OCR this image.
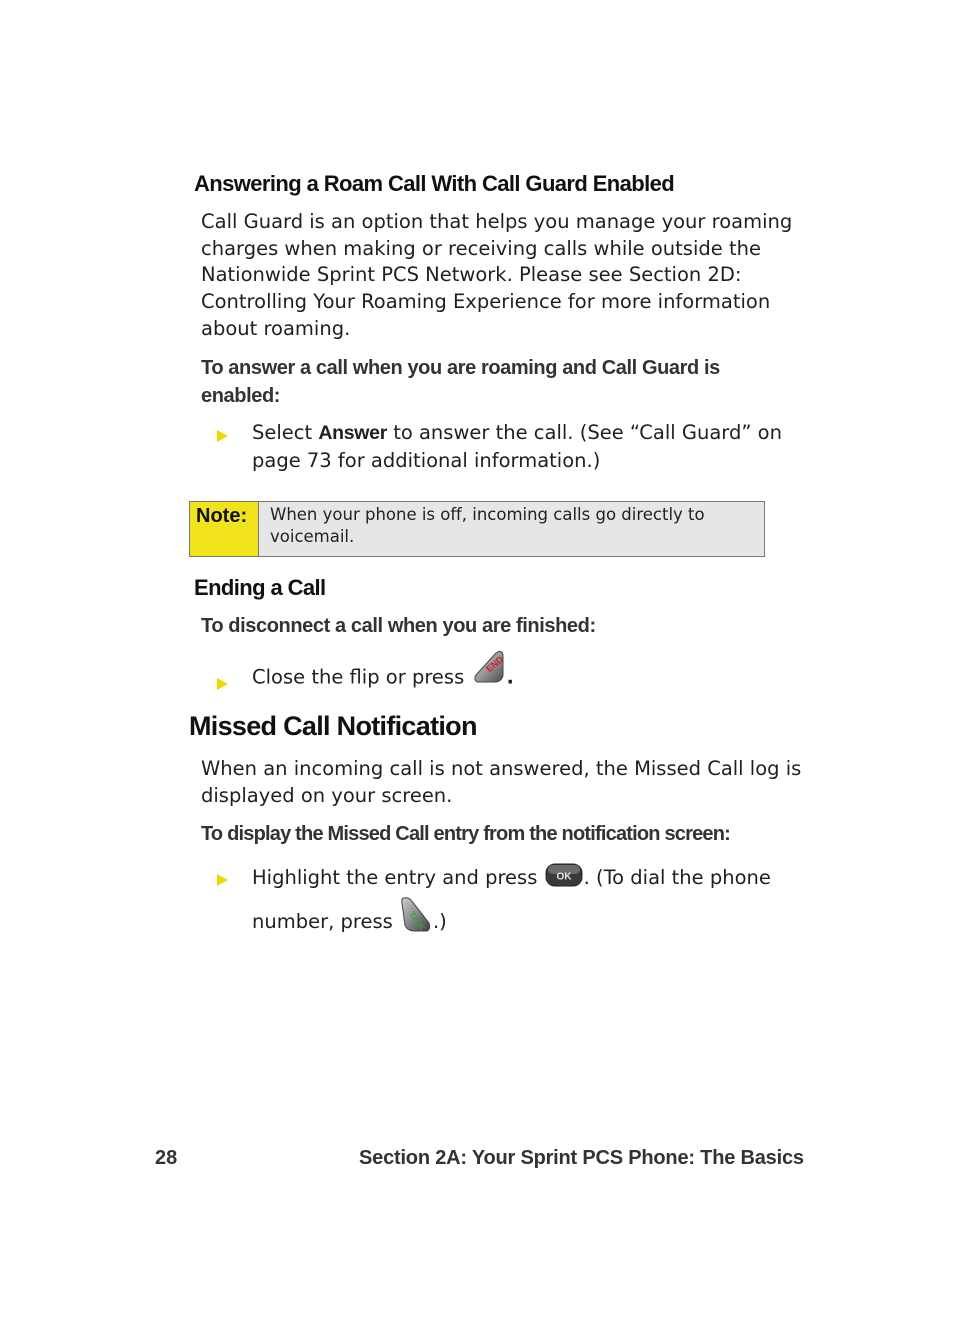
Answering a Roam Call With Call Guard Enabled
Call Guard is an option that helps you manage your roaming
charges when making or receiving calls while outside the
Nationwide Sprint PCS Network. Please see Section 2D:
Controlling Your Roaming Experience for more information
about roaming.
To answer a call when you are roaming and Call Guard is
enabled:
Select Answer to answer the call. (See “Call Guard” on
page 73 for additional information.)
Note:	When your phone is off, incoming calls go directly to
voicemail.
Ending a Call
To disconnect a call when you are finished:
Close the flip or press
END
.
Missed Call Notification
When an incoming call is not answered, the Missed Call log is
displayed on your screen.
To display the Missed Call entry from the notification screen:
Highlight the entry and press OK . (To dial the phone
number, press TALK .)
28	Section 2A: Your Sprint PCS Phone: The Basics
